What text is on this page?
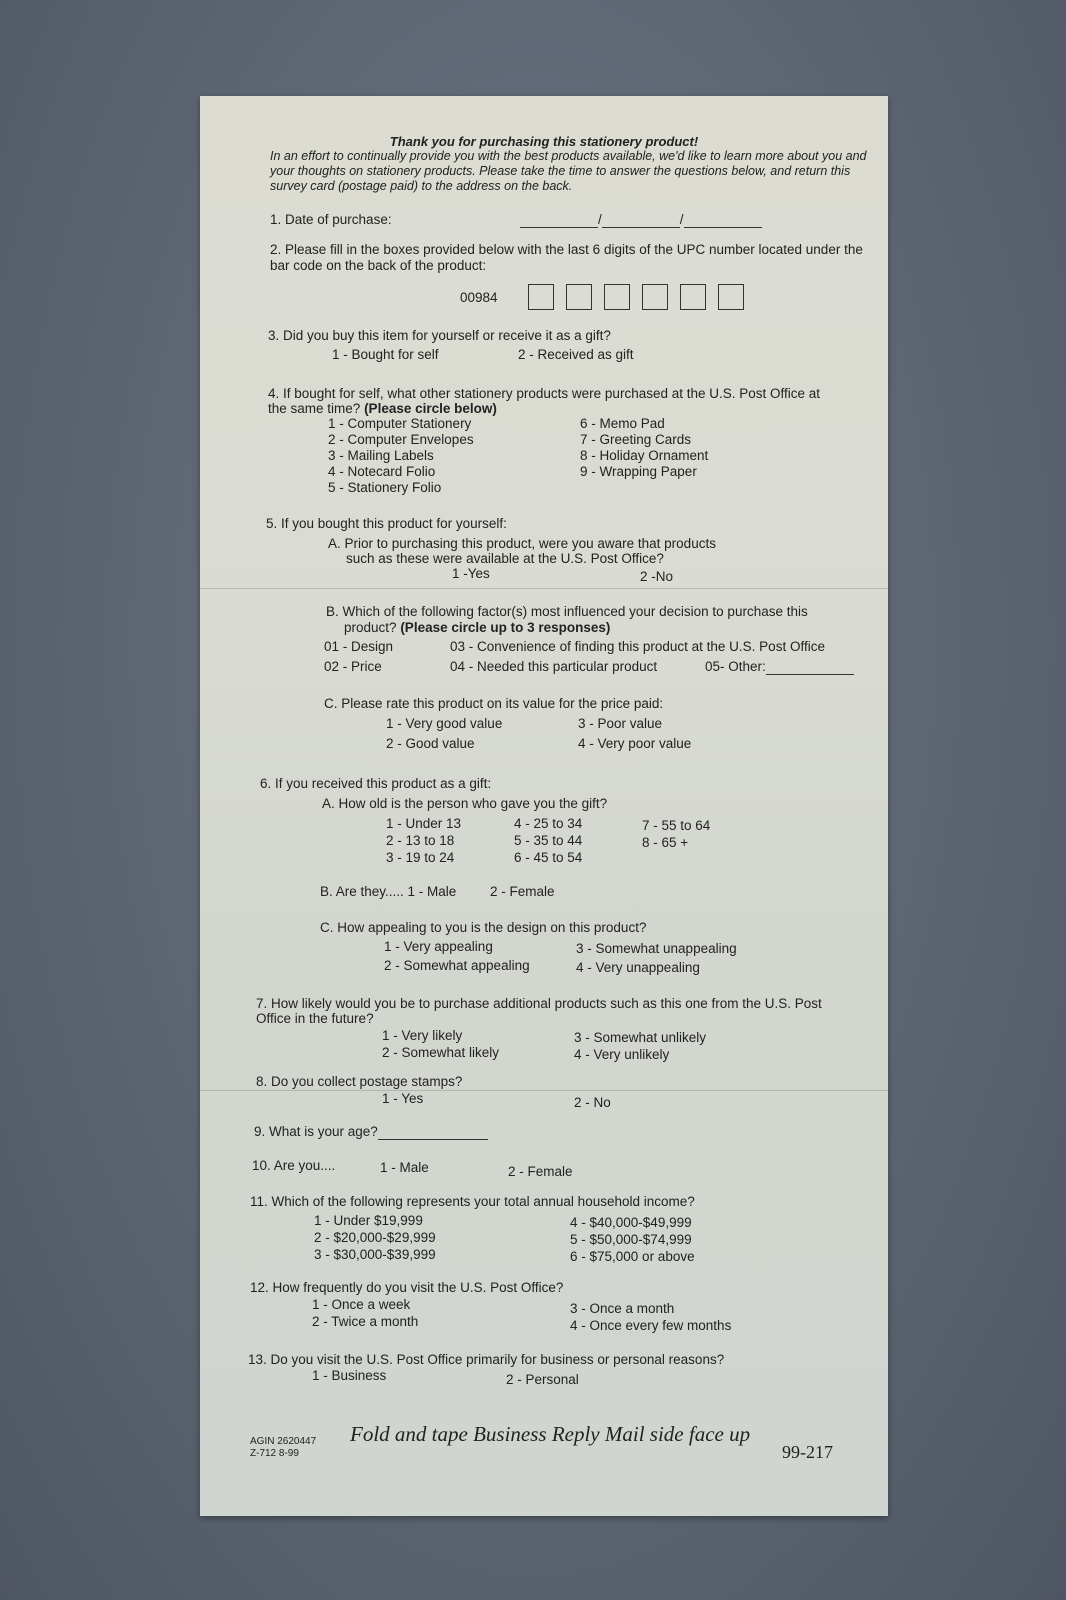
Thank you for purchasing this stationery product!
In an effort to continually provide you with the best products available, we'd like to learn more about you and your thoughts on stationery products. Please take the time to answer the questions below, and return this survey card (postage paid) to the address on the back.
1. Date of purchase:	/	/
2. Please fill in the boxes provided below with the last 6 digits of the UPC number located under the bar code on the back of the product:
00984
3. Did you buy this item for yourself or receive it as a gift?
1 - Bought for self	2 - Received as gift
4. If bought for self, what other stationery products were purchased at the U.S. Post Office at
the same time? (Please circle below)
1 - Computer Stationery
2 - Computer Envelopes
3 - Mailing Labels
4 - Notecard Folio
5 - Stationery Folio
6 - Memo Pad
7 - Greeting Cards
8 - Holiday Ornament
9 - Wrapping Paper
5. If you bought this product for yourself:
A. Prior to purchasing this product, were you aware that products
such as these were available at the U.S. Post Office?
1 -Yes	2 -No
B. Which of the following factor(s) most influenced your decision to purchase this
product? (Please circle up to 3 responses)
01 - Design
02 - Price
03 - Convenience of finding this product at the U.S. Post Office
04 - Needed this particular product	05- Other:
C. Please rate this product on its value for the price paid:
1 - Very good value
2 - Good value
3 - Poor value
4 - Very poor value
6. If you received this product as a gift:
A. How old is the person who gave you the gift?
1 - Under 13
2 - 13 to 18
3 - 19 to 24
4 - 25 to 34
5 - 35 to 44
6 - 45 to 54
7 - 55 to 64
8 - 65 +
B. Are they..... 1 - Male 2 - Female
C. How appealing to you is the design on this product?
1 - Very appealing
2 - Somewhat appealing
3 - Somewhat unappealing
4 - Very unappealing
7. How likely would you be to purchase additional products such as this one from the U.S. Post
Office in the future?
1 - Very likely
2 - Somewhat likely
3 - Somewhat unlikely
4 - Very unlikely
8. Do you collect postage stamps?
1 - Yes	2 - No
9. What is your age?
10. Are you....	1 - Male	2 - Female
11. Which of the following represents your total annual household income?
1 - Under $19,999
2 - $20,000-$29,999
3 - $30,000-$39,999
4 - $40,000-$49,999
5 - $50,000-$74,999
6 - $75,000 or above
12. How frequently do you visit the U.S. Post Office?
1 - Once a week
2 - Twice a month
3 - Once a month
4 - Once every few months
13. Do you visit the U.S. Post Office primarily for business or personal reasons?
1 - Business	2 - Personal
AGIN 2620447
Z-712 8-99
Fold and tape Business Reply Mail side face up
99-217
